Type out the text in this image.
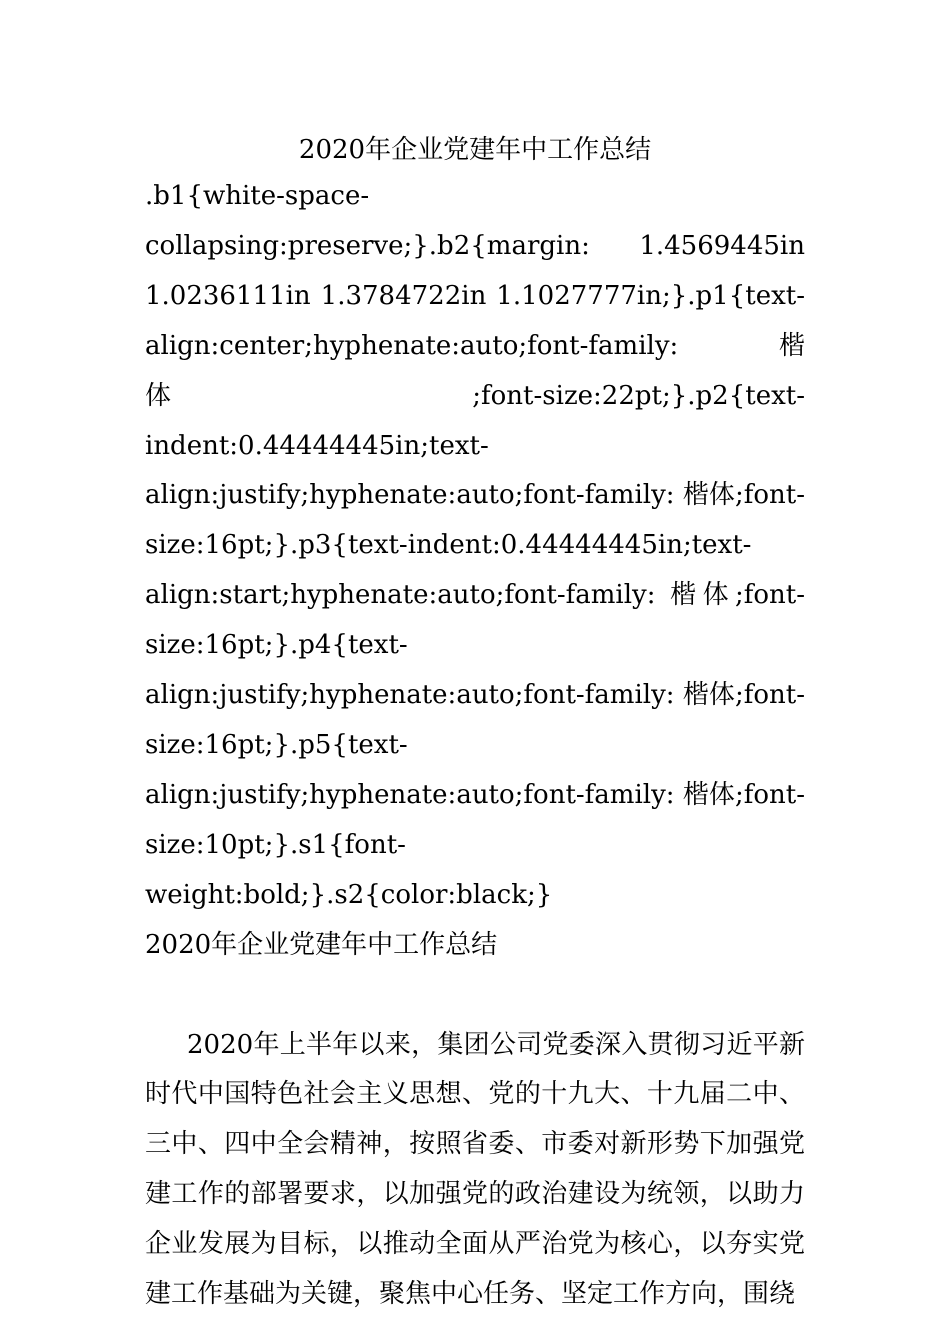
2020年企业党建年中工作总结

.b1{white-space-collapsing:preserve;}.b2{margin: 1.4569445in 1.0236111in 1.3784722in 1.1027777in;}.p1{text-align:center;hyphenate:auto;font-family: 楷体;font-size:22pt;}.p2{text-indent:0.44444445in;text-align:justify;hyphenate:auto;font-family: 楷体;font-size:16pt;}.p3{text-indent:0.44444445in;text-align:start;hyphenate:auto;font-family: 楷体;font-size:16pt;}.p4{text-align:justify;hyphenate:auto;font-family: 楷体;font-size:16pt;}.p5{text-align:justify;hyphenate:auto;font-family: 楷体;font-size:10pt;}.s1{font-weight:bold;}.s2{color:black;}

2020年企业党建年中工作总结

2020年上半年以来，集团公司党委深入贯彻习近平新时代中国特色社会主义思想、党的十九大、十九届二中、三中、四中全会精神，按照省委、市委对新形势下加强党建工作的部署要求，以加强党的政治建设为统领，以助力企业发展为目标，以推动全面从严治党为核心，以夯实党建工作基础为关键，聚焦中心任务、坚定工作方向，围绕
